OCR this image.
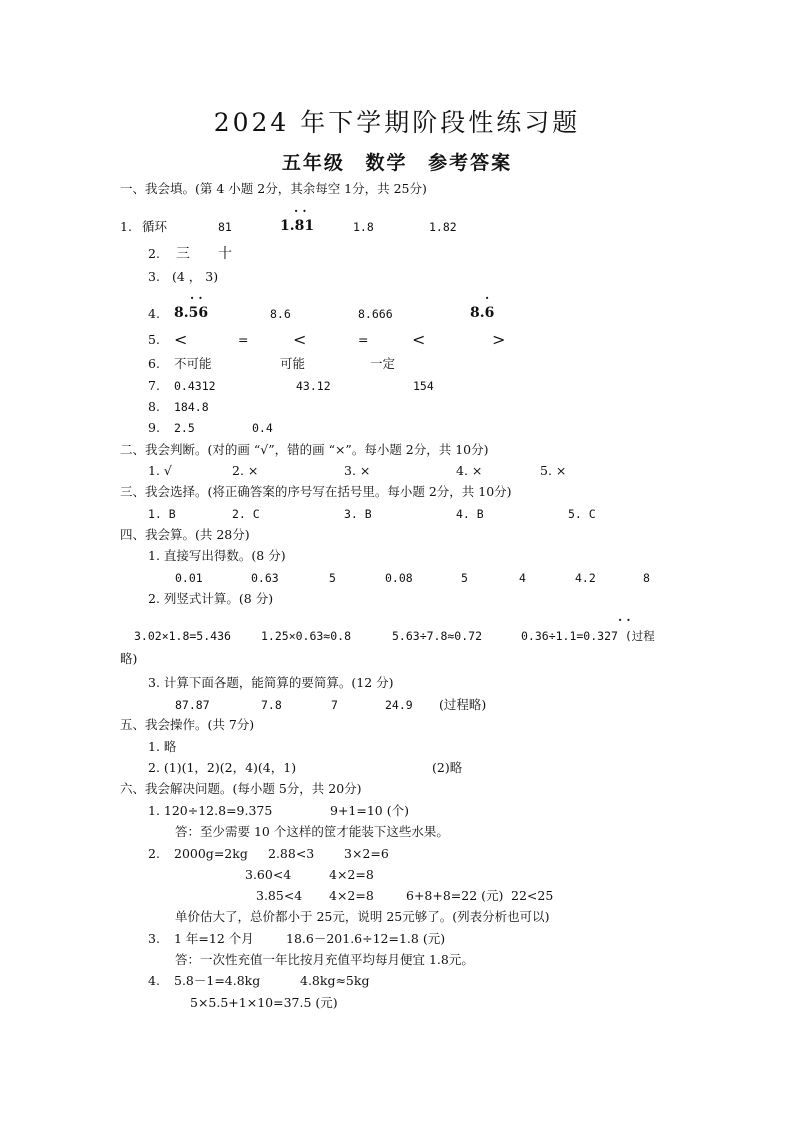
2024 年下学期阶段性练习题
五年级 数学 参考答案
一、我会填。(第 4 小题 2分，其余每空 1分，共 25分)
· ·
1. 循环	81	1.81	1.8	1.82
2. 三 十
3. (4 ， 3)
· ·	·
4. 8.56	8.6	8.666	8.6
5. <	=	<	=	<	>
6. 不可能	可能	一定
7. 0.4312	43.12	154
8. 184.8
9. 2.5	0.4
二、我会判断。(对的画 “√”，错的画 “×”。每小题 2分，共 10分)
1. √	2. ×	3. ×	4. ×	5. ×
三、我会选择。(将正确答案的序号写在括号里。每小题 2分，共 10分)
1. B	2. C	3. B	4. B	5. C
四、我会算。(共 28分)
1. 直接写出得数。(8 分)
0.01	0.63	5	0.08	5	4	4.2	8
2. 列竖式计算。(8 分)
· ·
3.02×1.8=5.436	1.25×0.63≈0.8	5.63÷7.8≈0.72	0.36÷1.1=0.327 (过程
略)
3. 计算下面各题，能简算的要简算。(12 分)
87.87	7.8	7	24.9 (过程略)
五、我会操作。(共 7分)
1. 略
2. (1)(1，2)(2，4)(4，1)	(2)略
六、我会解决问题。(每小题 5分，共 20分)
1. 120÷12.8=9.375	9+1=10 (个)
答：至少需要 10 个这样的筐才能装下这些水果。
2. 2000g=2kg 2.88<3 3×2=6
3.60<4	4×2=8
3.85<4 4×2=8	6+8+8=22 (元) 22<25
单价估大了，总价都小于 25元，说明 25元够了。(列表分析也可以)
3. 1 年=12 个月	18.6－201.6÷12=1.8 (元)
答：一次性充值一年比按月充值平均每月便宜 1.8元。
4. 5.8－1=4.8kg	4.8kg≈5kg
5×5.5+1×10=37.5 (元)
